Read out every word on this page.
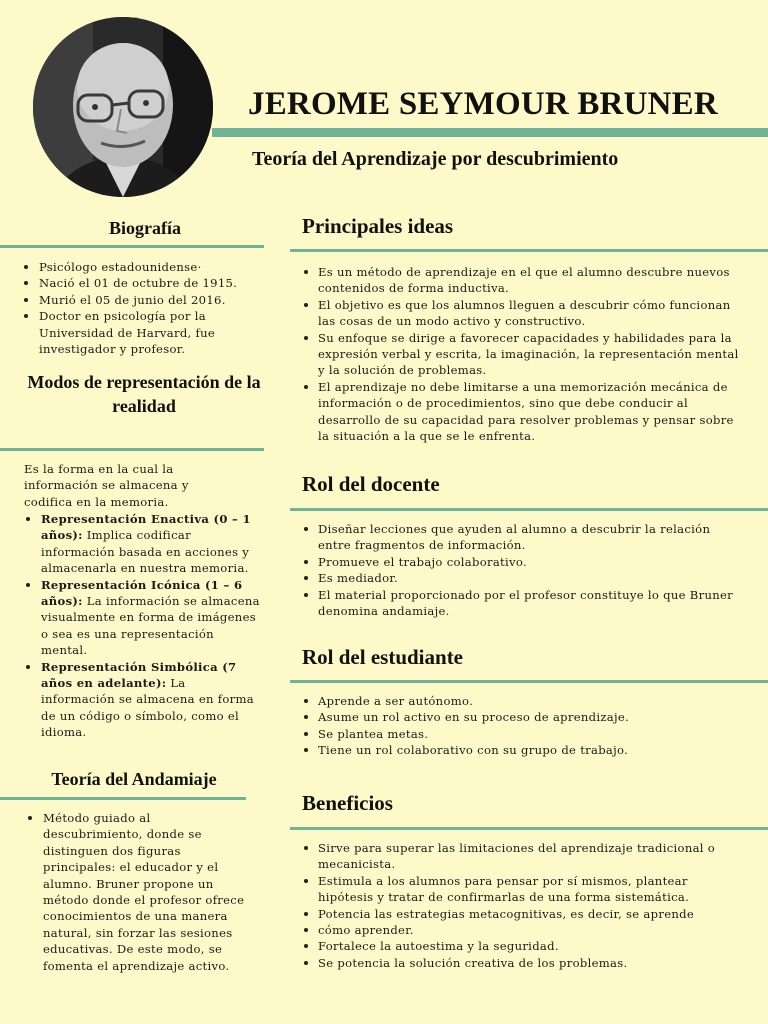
JEROME SEYMOUR BRUNER
Teoría del Aprendizaje por descubrimiento
Biografía
Psicólogo estadounidense·
Nació el 01 de octubre de 1915.
Murió el 05 de junio del 2016.
Doctor en psicología por la Universidad de Harvard, fue investigador y profesor.
Modos de representación de la realidad
Es la forma en la cual la información se almacena y codifica en la memoria.
Representación Enactiva (0 – 1 años): Implica codificar información basada en acciones y almacenarla en nuestra memoria.
Representación Icónica (1 – 6 años): La información se almacena visualmente en forma de imágenes o sea es una representación mental.
Representación Simbólica (7 años en adelante): La información se almacena en forma de un código o símbolo, como el idioma.
Teoría del Andamiaje
Método guiado al descubrimiento, donde se distinguen dos figuras principales: el educador y el alumno. Bruner propone un método donde el profesor ofrece conocimientos de una manera natural, sin forzar las sesiones educativas. De este modo, se fomenta el aprendizaje activo.
Principales ideas
Es un método de aprendizaje en el que el alumno descubre nuevos contenidos de forma inductiva.
El objetivo es que los alumnos lleguen a descubrir cómo funcionan las cosas de un modo activo y constructivo.
Su enfoque se dirige a favorecer capacidades y habilidades para la expresión verbal y escrita, la imaginación, la representación mental y la solución de problemas.
El aprendizaje no debe limitarse a una memorización mecánica de información o de procedimientos, sino que debe conducir al desarrollo de su capacidad para resolver problemas y pensar sobre la situación a la que se le enfrenta.
Rol del docente
Diseñar lecciones que ayuden al alumno a descubrir la relación entre fragmentos de información.
Promueve el trabajo colaborativo.
Es mediador.
El material proporcionado por el profesor constituye lo que Bruner denomina andamiaje.
Rol del estudiante
Aprende a ser autónomo.
Asume un rol activo en su proceso de aprendizaje.
Se plantea metas.
Tiene un rol colaborativo con su grupo de trabajo.
Beneficios
Sirve para superar las limitaciones del aprendizaje tradicional o mecanicista.
Estimula a los alumnos para pensar por sí mismos, plantear hipótesis y tratar de confirmarlas de una forma sistemática.
Potencia las estrategias metacognitivas, es decir, se aprende
cómo aprender.
Fortalece la autoestima y la seguridad.
Se potencia la solución creativa de los problemas.
